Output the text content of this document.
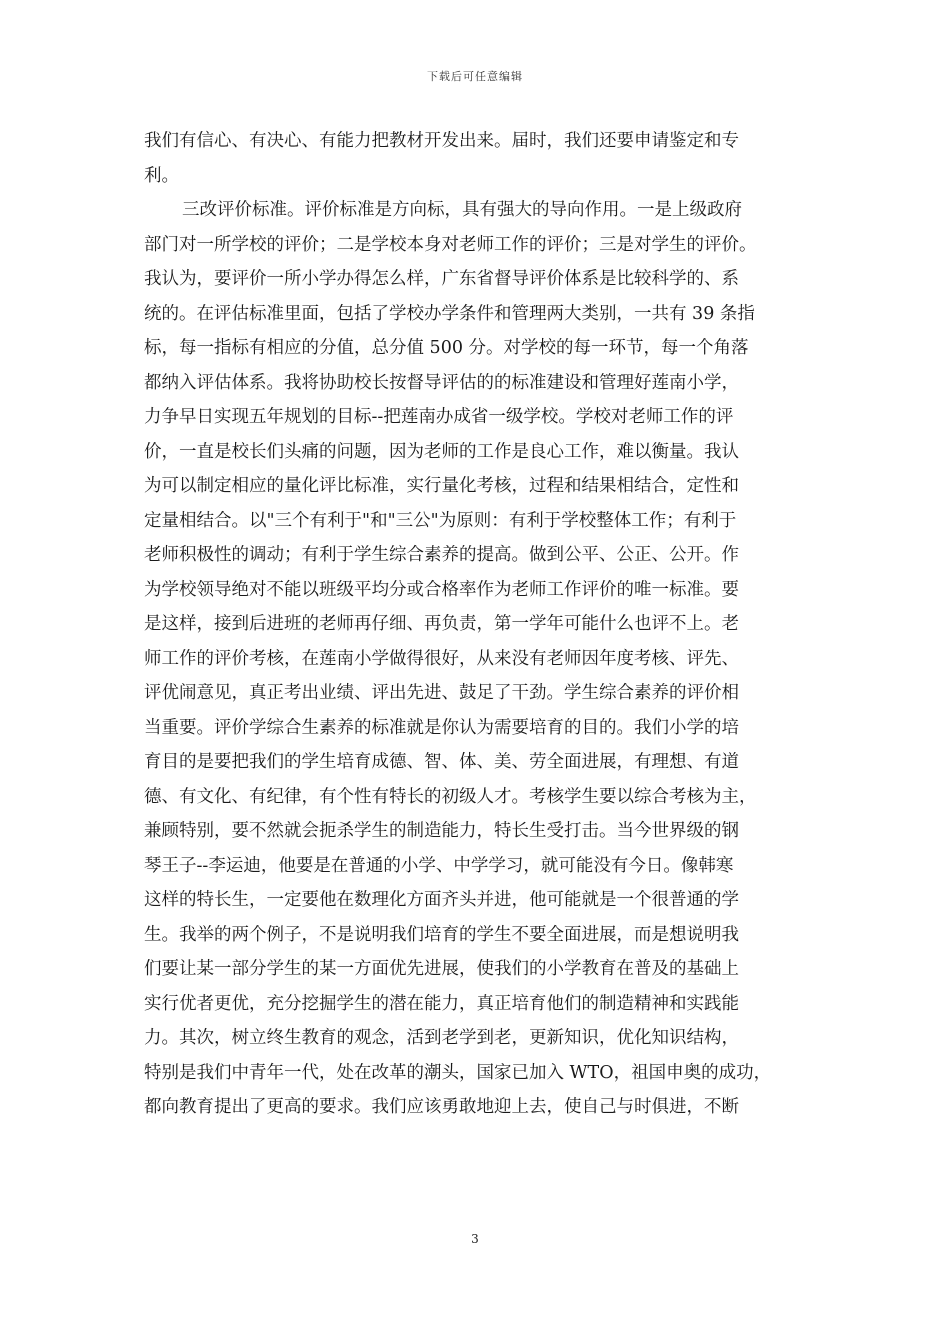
下载后可任意编辑
我们有信心、有决心、有能力把教材开发出来。届时，我们还要申请鉴定和专
利。
三改评价标准。评价标准是方向标，具有强大的导向作用。一是上级政府
部门对一所学校的评价；二是学校本身对老师工作的评价；三是对学生的评价。
我认为，要评价一所小学办得怎么样，广东省督导评价体系是比较科学的、系
统的。在评估标准里面，包括了学校办学条件和管理两大类别，一共有 39 条指
标，每一指标有相应的分值，总分值 500 分。对学校的每一环节，每一个角落
都纳入评估体系。我将协助校长按督导评估的的标准建设和管理好莲南小学，
力争早日实现五年规划的目标--把莲南办成省一级学校。学校对老师工作的评
价，一直是校长们头痛的问题，因为老师的工作是良心工作，难以衡量。我认
为可以制定相应的量化评比标准，实行量化考核，过程和结果相结合，定性和
定量相结合。以"三个有利于"和"三公"为原则：有利于学校整体工作；有利于
老师积极性的调动；有利于学生综合素养的提高。做到公平、公正、公开。作
为学校领导绝对不能以班级平均分或合格率作为老师工作评价的唯一标准。要
是这样，接到后进班的老师再仔细、再负责，第一学年可能什么也评不上。老
师工作的评价考核，在莲南小学做得很好，从来没有老师因年度考核、评先、
评优闹意见，真正考出业绩、评出先进、鼓足了干劲。学生综合素养的评价相
当重要。评价学综合生素养的标准就是你认为需要培育的目的。我们小学的培
育目的是要把我们的学生培育成德、智、体、美、劳全面进展，有理想、有道
德、有文化、有纪律，有个性有特长的初级人才。考核学生要以综合考核为主，
兼顾特别，要不然就会扼杀学生的制造能力，特长生受打击。当今世界级的钢
琴王子--李运迪，他要是在普通的小学、中学学习，就可能没有今日。像韩寒
这样的特长生，一定要他在数理化方面齐头并进，他可能就是一个很普通的学
生。我举的两个例子，不是说明我们培育的学生不要全面进展，而是想说明我
们要让某一部分学生的某一方面优先进展，使我们的小学教育在普及的基础上
实行优者更优，充分挖掘学生的潜在能力，真正培育他们的制造精神和实践能
力。其次，树立终生教育的观念，活到老学到老，更新知识，优化知识结构，
特别是我们中青年一代，处在改革的潮头，国家已加入 WTO，祖国申奥的成功，
都向教育提出了更高的要求。我们应该勇敢地迎上去，使自己与时俱进，不断
3
